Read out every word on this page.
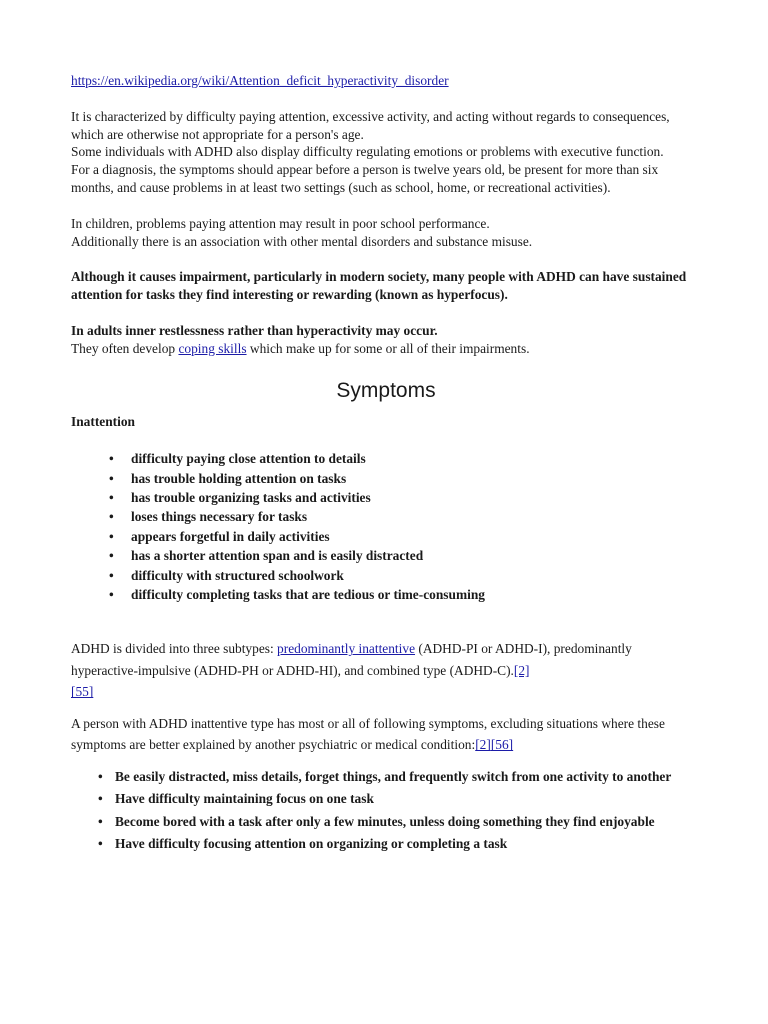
https://en.wikipedia.org/wiki/Attention_deficit_hyperactivity_disorder

It is characterized by difficulty paying attention, excessive activity, and acting without regards to consequences, which are otherwise not appropriate for a person's age.

Some individuals with ADHD also display difficulty regulating emotions or problems with executive function.

For a diagnosis, the symptoms should appear before a person is twelve years old, be present for more than six months, and cause problems in at least two settings (such as school, home, or recreational activities).

In children, problems paying attention may result in poor school performance.

Additionally there is an association with other mental disorders and substance misuse.

Although it causes impairment, particularly in modern society, many people with ADHD can have sustained attention for tasks they find interesting or rewarding (known as hyperfocus).

In adults inner restlessness rather than hyperactivity may occur.

They often develop coping skills which make up for some or all of their impairments.

Symptoms

Inattention

• difficulty paying close attention to details
• has trouble holding attention on tasks
• has trouble organizing tasks and activities
• loses things necessary for tasks
• appears forgetful in daily activities
• has a shorter attention span and is easily distracted
• difficulty with structured schoolwork
• difficulty completing tasks that are tedious or time-consuming

ADHD is divided into three subtypes: predominantly inattentive (ADHD-PI or ADHD-I), predominantly hyperactive-impulsive (ADHD-PH or ADHD-HI), and combined type (ADHD-C).[2]
[55]

A person with ADHD inattentive type has most or all of following symptoms, excluding situations where these symptoms are better explained by another psychiatric or medical condition:[2][56]

• Be easily distracted, miss details, forget things, and frequently switch from one activity to another
• Have difficulty maintaining focus on one task
• Become bored with a task after only a few minutes, unless doing something they find enjoyable
• Have difficulty focusing attention on organizing or completing a task
